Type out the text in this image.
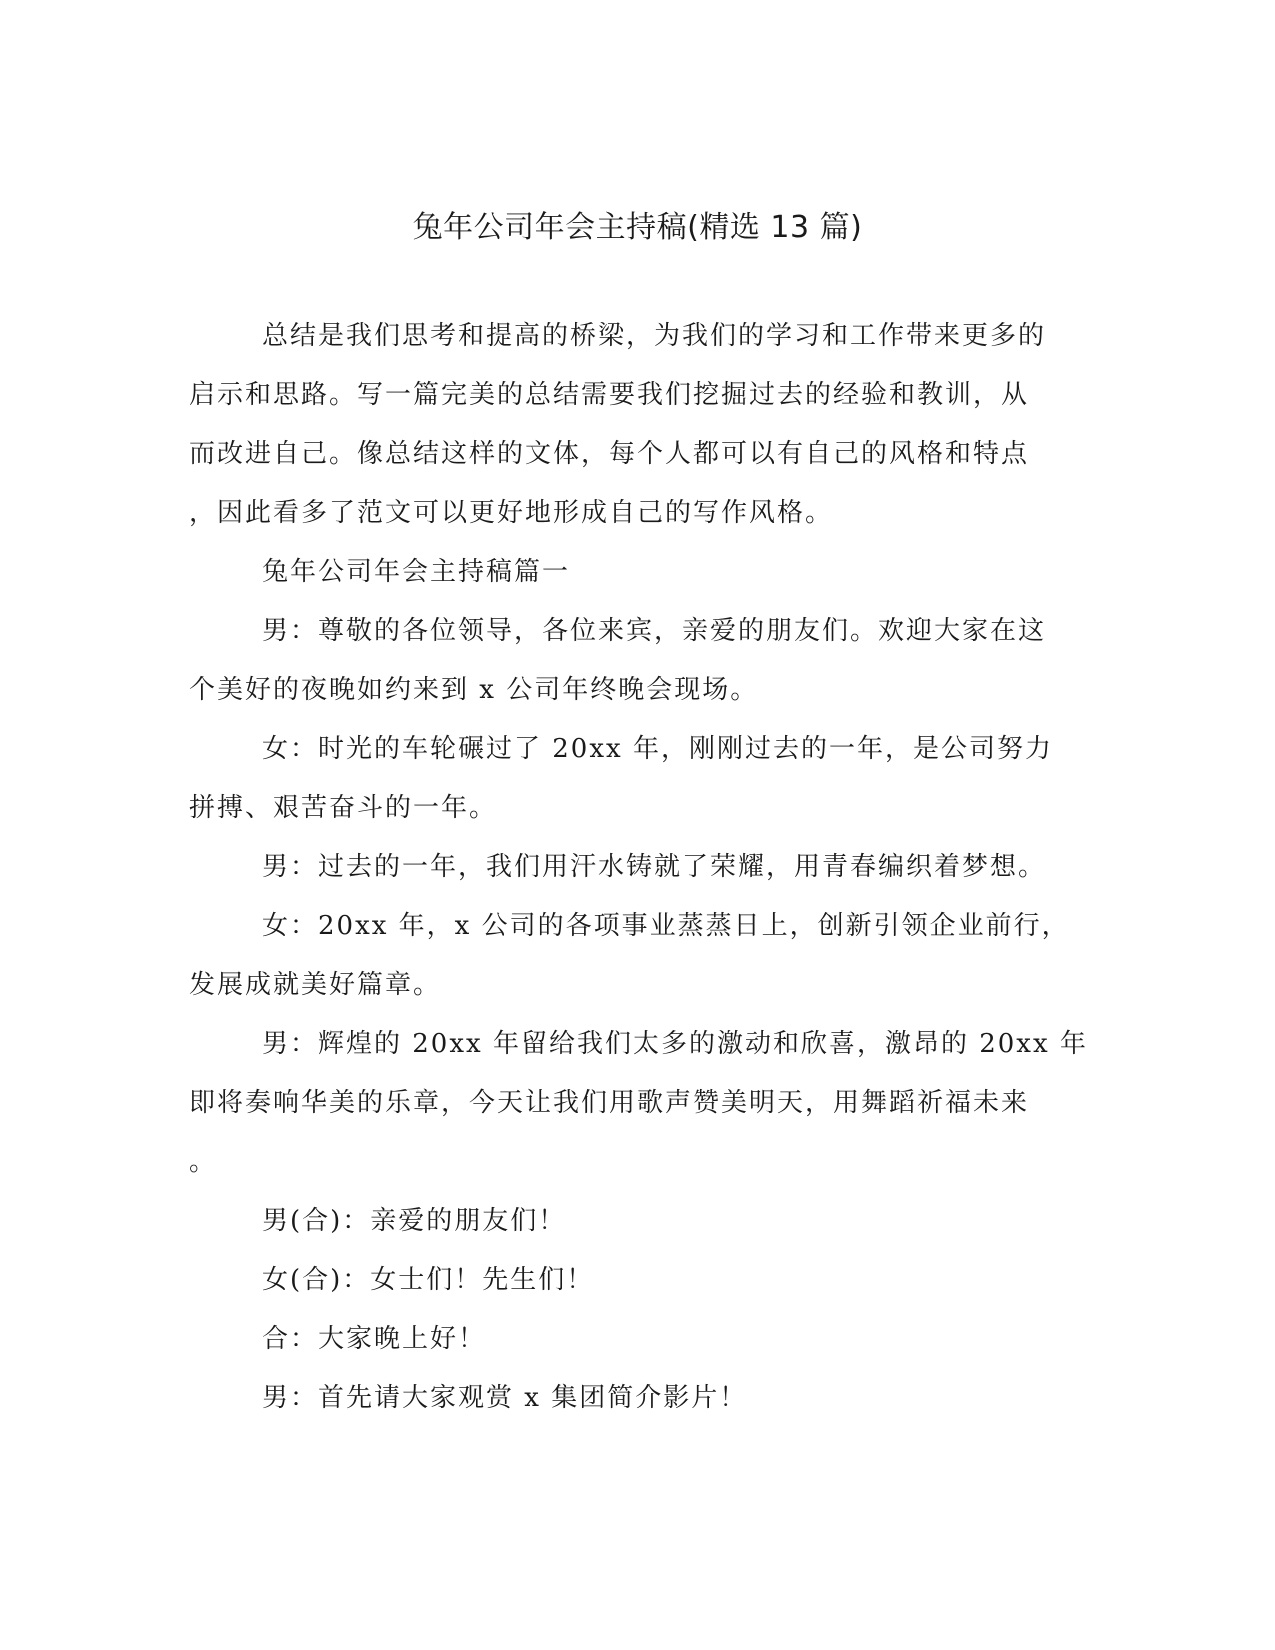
兔年公司年会主持稿(精选 13 篇)
总结是我们思考和提高的桥梁，为我们的学习和工作带来更多的
启示和思路。写一篇完美的总结需要我们挖掘过去的经验和教训，从
而改进自己。像总结这样的文体，每个人都可以有自己的风格和特点
，因此看多了范文可以更好地形成自己的写作风格。
兔年公司年会主持稿篇一
男：尊敬的各位领导，各位来宾，亲爱的朋友们。欢迎大家在这
个美好的夜晚如约来到 x 公司年终晚会现场。
女：时光的车轮碾过了 20xx 年，刚刚过去的一年，是公司努力
拼搏、艰苦奋斗的一年。
男：过去的一年，我们用汗水铸就了荣耀，用青春编织着梦想。
女：20xx 年，x 公司的各项事业蒸蒸日上，创新引领企业前行，
发展成就美好篇章。
男：辉煌的 20xx 年留给我们太多的激动和欣喜，激昂的 20xx 年
即将奏响华美的乐章，今天让我们用歌声赞美明天，用舞蹈祈福未来
。
男(合)：亲爱的朋友们！
女(合)：女士们！先生们！
合：大家晚上好！
男：首先请大家观赏 x 集团简介影片！
